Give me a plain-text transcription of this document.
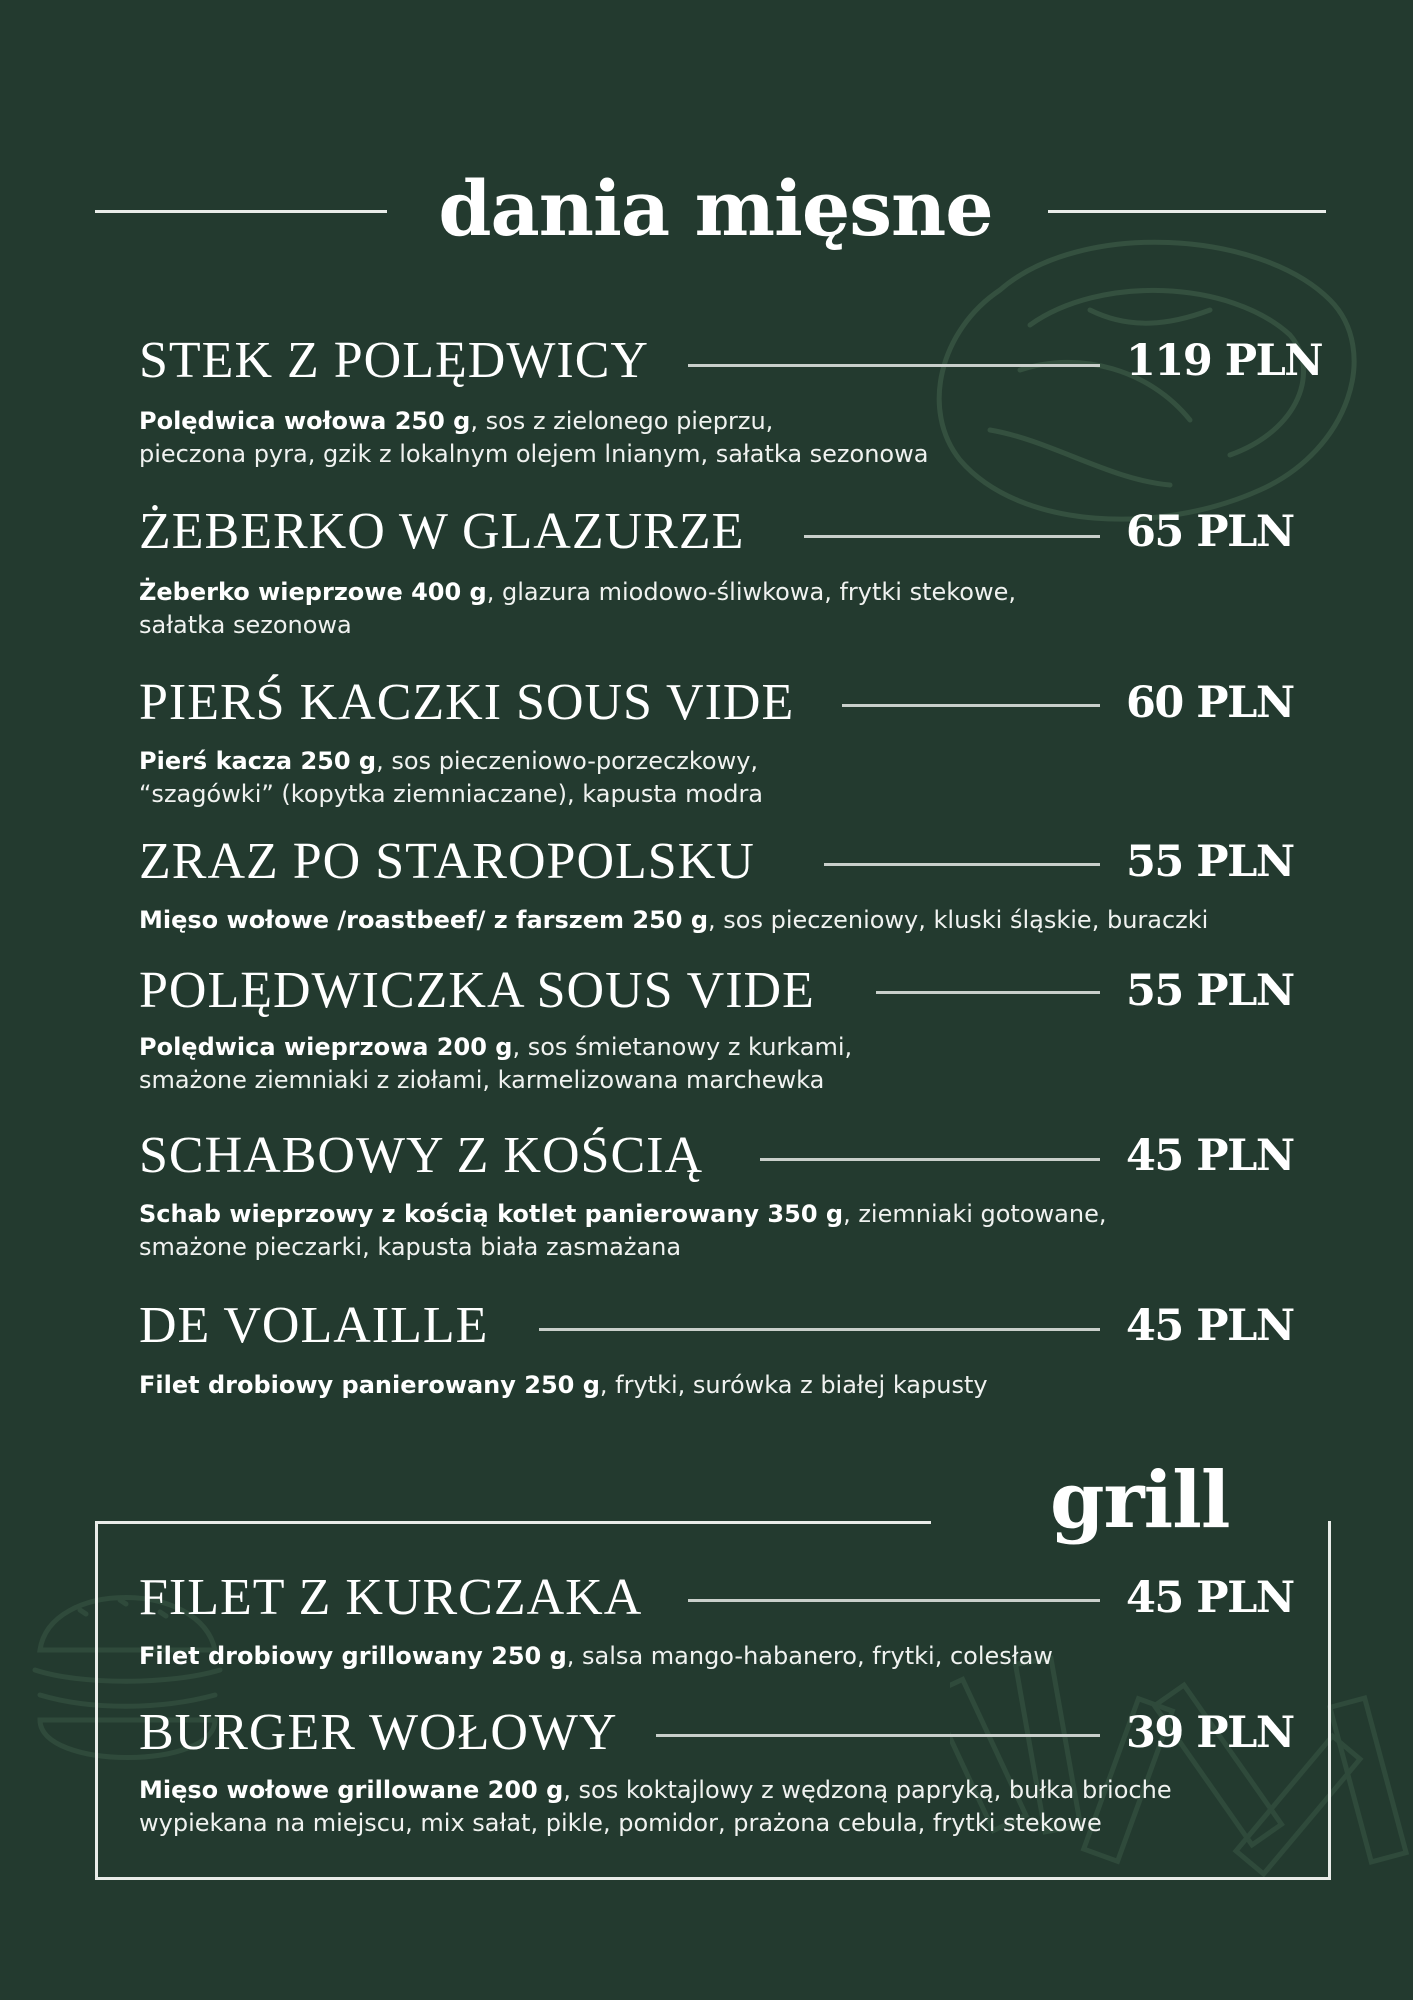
dania mięsne
STEK Z POLĘDWICY	119 PLN

Polędwica wołowa 250 g, sos z zielonego pieprzu,
pieczona pyra, gzik z lokalnym olejem lnianym, sałatka sezonowa

ŻEBERKO W GLAZURZE	65 PLN

Żeberko wieprzowe 400 g, glazura miodowo-śliwkowa, frytki stekowe,
sałatka sezonowa

PIERŚ KACZKI SOUS VIDE	60 PLN

Pierś kacza 250 g, sos pieczeniowo-porzeczkowy,
“szagówki” (kopytka ziemniaczane), kapusta modra

ZRAZ PO STAROPOLSKU	55 PLN

Mięso wołowe /roastbeef/ z farszem 250 g, sos pieczeniowy, kluski śląskie, buraczki

POLĘDWICZKA SOUS VIDE	55 PLN

Polędwica wieprzowa 200 g, sos śmietanowy z kurkami,
smażone ziemniaki z ziołami, karmelizowana marchewka

SCHABOWY Z KOŚCIĄ	45 PLN

Schab wieprzowy z kością kotlet panierowany 350 g, ziemniaki gotowane,
smażone pieczarki, kapusta biała zasmażana

DE VOLAILLE	45 PLN

Filet drobiowy panierowany 250 g, frytki, surówka z białej kapusty

grill
FILET Z KURCZAKA	45 PLN

Filet drobiowy grillowany 250 g, salsa mango-habanero, frytki, colesław

BURGER WOŁOWY	39 PLN

Mięso wołowe grillowane 200 g, sos koktajlowy z wędzoną papryką, bułka brioche
wypiekana na miejscu, mix sałat, pikle, pomidor, prażona cebula, frytki stekowe
